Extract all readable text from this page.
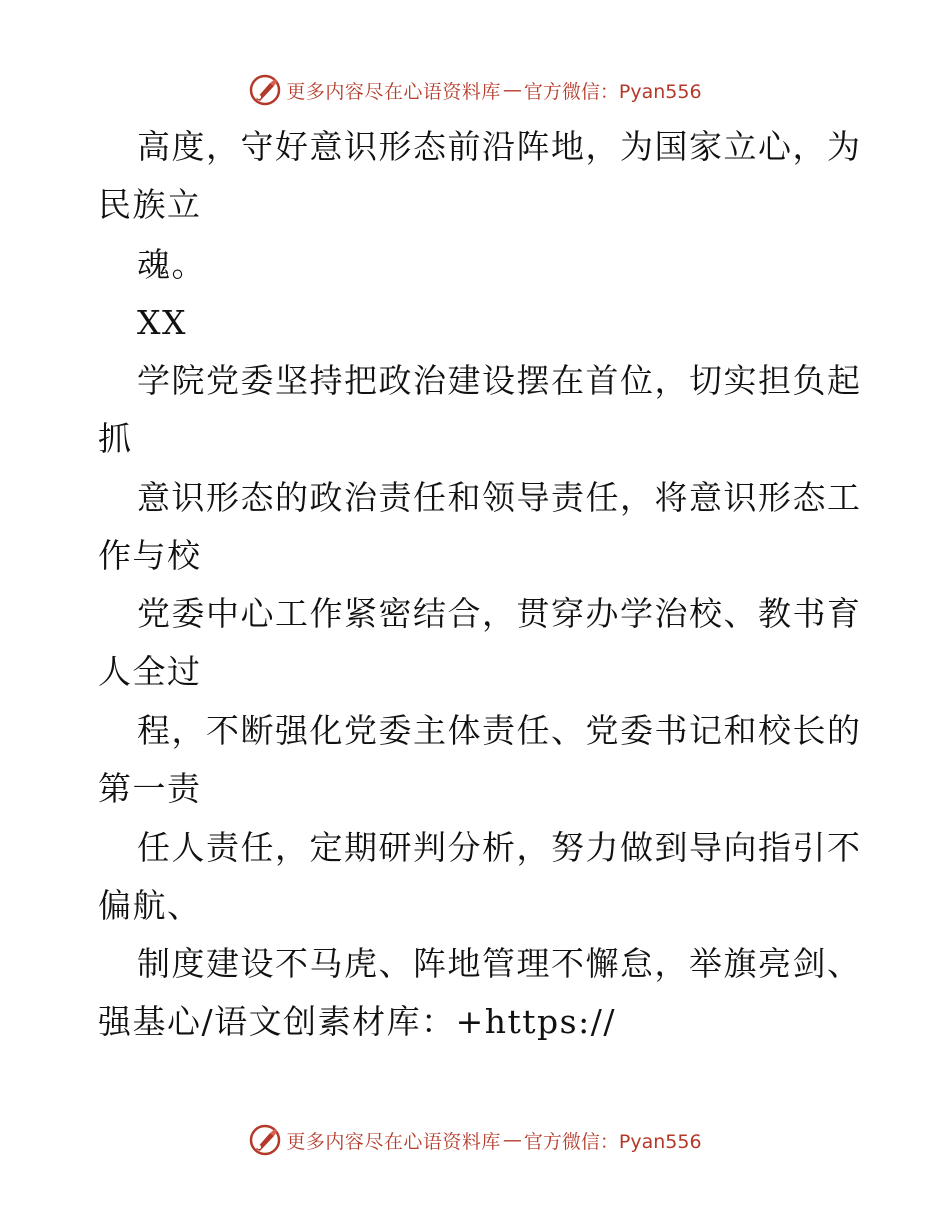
更多内容尽在心语资料库 — 官方微信：Pyan556
高度，守好意识形态前沿阵地，为国家立心，为
民族立
魂。
XX
学院党委坚持把政治建设摆在首位，切实担负起
抓
意识形态的政治责任和领导责任，将意识形态工
作与校
党委中心工作紧密结合，贯穿办学治校、教书育
人全过
程，不断强化党委主体责任、党委书记和校长的
第一责
任人责任，定期研判分析，努力做到导向指引不
偏航、
制度建设不马虎、阵地管理不懈怠，举旗亮剑、
强基心/语文创素材库：+https://
更多内容尽在心语资料库 — 官方微信：Pyan556
